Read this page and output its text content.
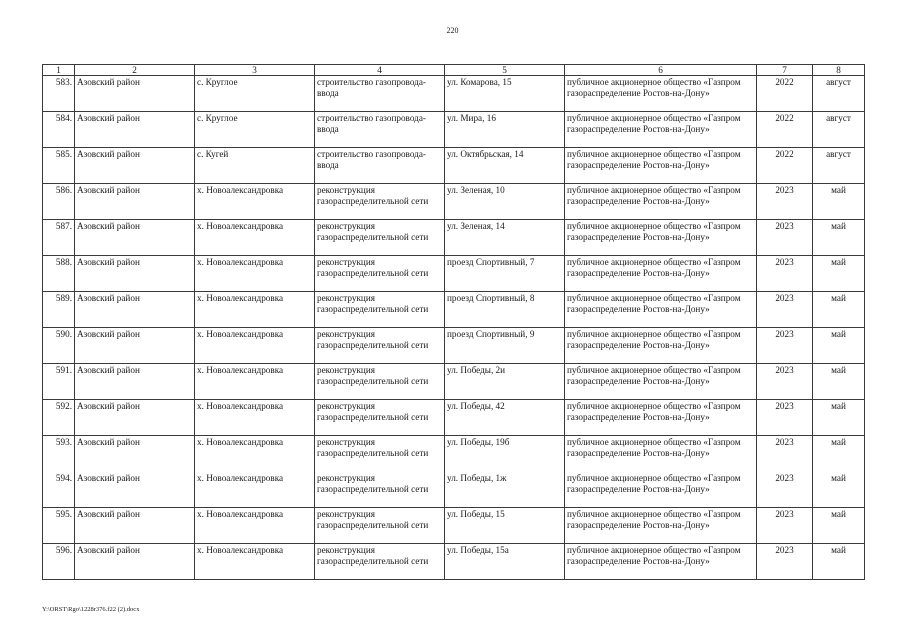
220
1	2	3	4	5	6	7	8
583.	Азовский район	с. Круглое	строительство газопровода-ввода	ул. Комарова, 15	публичное акционерное общество «Газпром газораспределение Ростов-на-Дону»	2022	август
584.	Азовский район	с. Круглое	строительство газопровода-ввода	ул. Мира, 16	публичное акционерное общество «Газпром газораспределение Ростов-на-Дону»	2022	август
585.	Азовский район	с. Кугей	строительство газопровода-ввода	ул. Октябрьская, 14	публичное акционерное общество «Газпром газораспределение Ростов-на-Дону»	2022	август
586.	Азовский район	х. Новоалександровка	реконструкция газораспределительной сети	ул. Зеленая, 10	публичное акционерное общество «Газпром газораспределение Ростов-на-Дону»	2023	май
587.	Азовский район	х. Новоалександровка	реконструкция газораспределительной сети	ул. Зеленая, 14	публичное акционерное общество «Газпром газораспределение Ростов-на-Дону»	2023	май
588.	Азовский район	х. Новоалександровка	реконструкция газораспределительной сети	проезд Спортивный, 7	публичное акционерное общество «Газпром газораспределение Ростов-на-Дону»	2023	май
589.	Азовский район	х. Новоалександровка	реконструкция газораспределительной сети	проезд Спортивный, 8	публичное акционерное общество «Газпром газораспределение Ростов-на-Дону»	2023	май
590.	Азовский район	х. Новоалександровка	реконструкция газораспределительной сети	проезд Спортивный, 9	публичное акционерное общество «Газпром газораспределение Ростов-на-Дону»	2023	май
591.	Азовский район	х. Новоалександровка	реконструкция газораспределительной сети	ул. Победы, 2и	публичное акционерное общество «Газпром газораспределение Ростов-на-Дону»	2023	май
592.	Азовский район	х. Новоалександровка	реконструкция газораспределительной сети	ул. Победы, 42	публичное акционерное общество «Газпром газораспределение Ростов-на-Дону»	2023	май
593.	Азовский район	х. Новоалександровка	реконструкция газораспределительной сети	ул. Победы, 19б	публичное акционерное общество «Газпром газораспределение Ростов-на-Дону»	2023	май
594.	Азовский район	х. Новоалександровка	реконструкция газораспределительной сети	ул. Победы, 1ж	публичное акционерное общество «Газпром газораспределение Ростов-на-Дону»	2023	май
595.	Азовский район	х. Новоалександровка	реконструкция газораспределительной сети	ул. Победы, 15	публичное акционерное общество «Газпром газораспределение Ростов-на-Дону»	2023	май
596.	Азовский район	х. Новоалександровка	реконструкция газораспределительной сети	ул. Победы, 15а	публичное акционерное общество «Газпром газораспределение Ростов-на-Дону»	2023	май
Y:\ORST\Rgo\1228r376.f22 (2).docx
